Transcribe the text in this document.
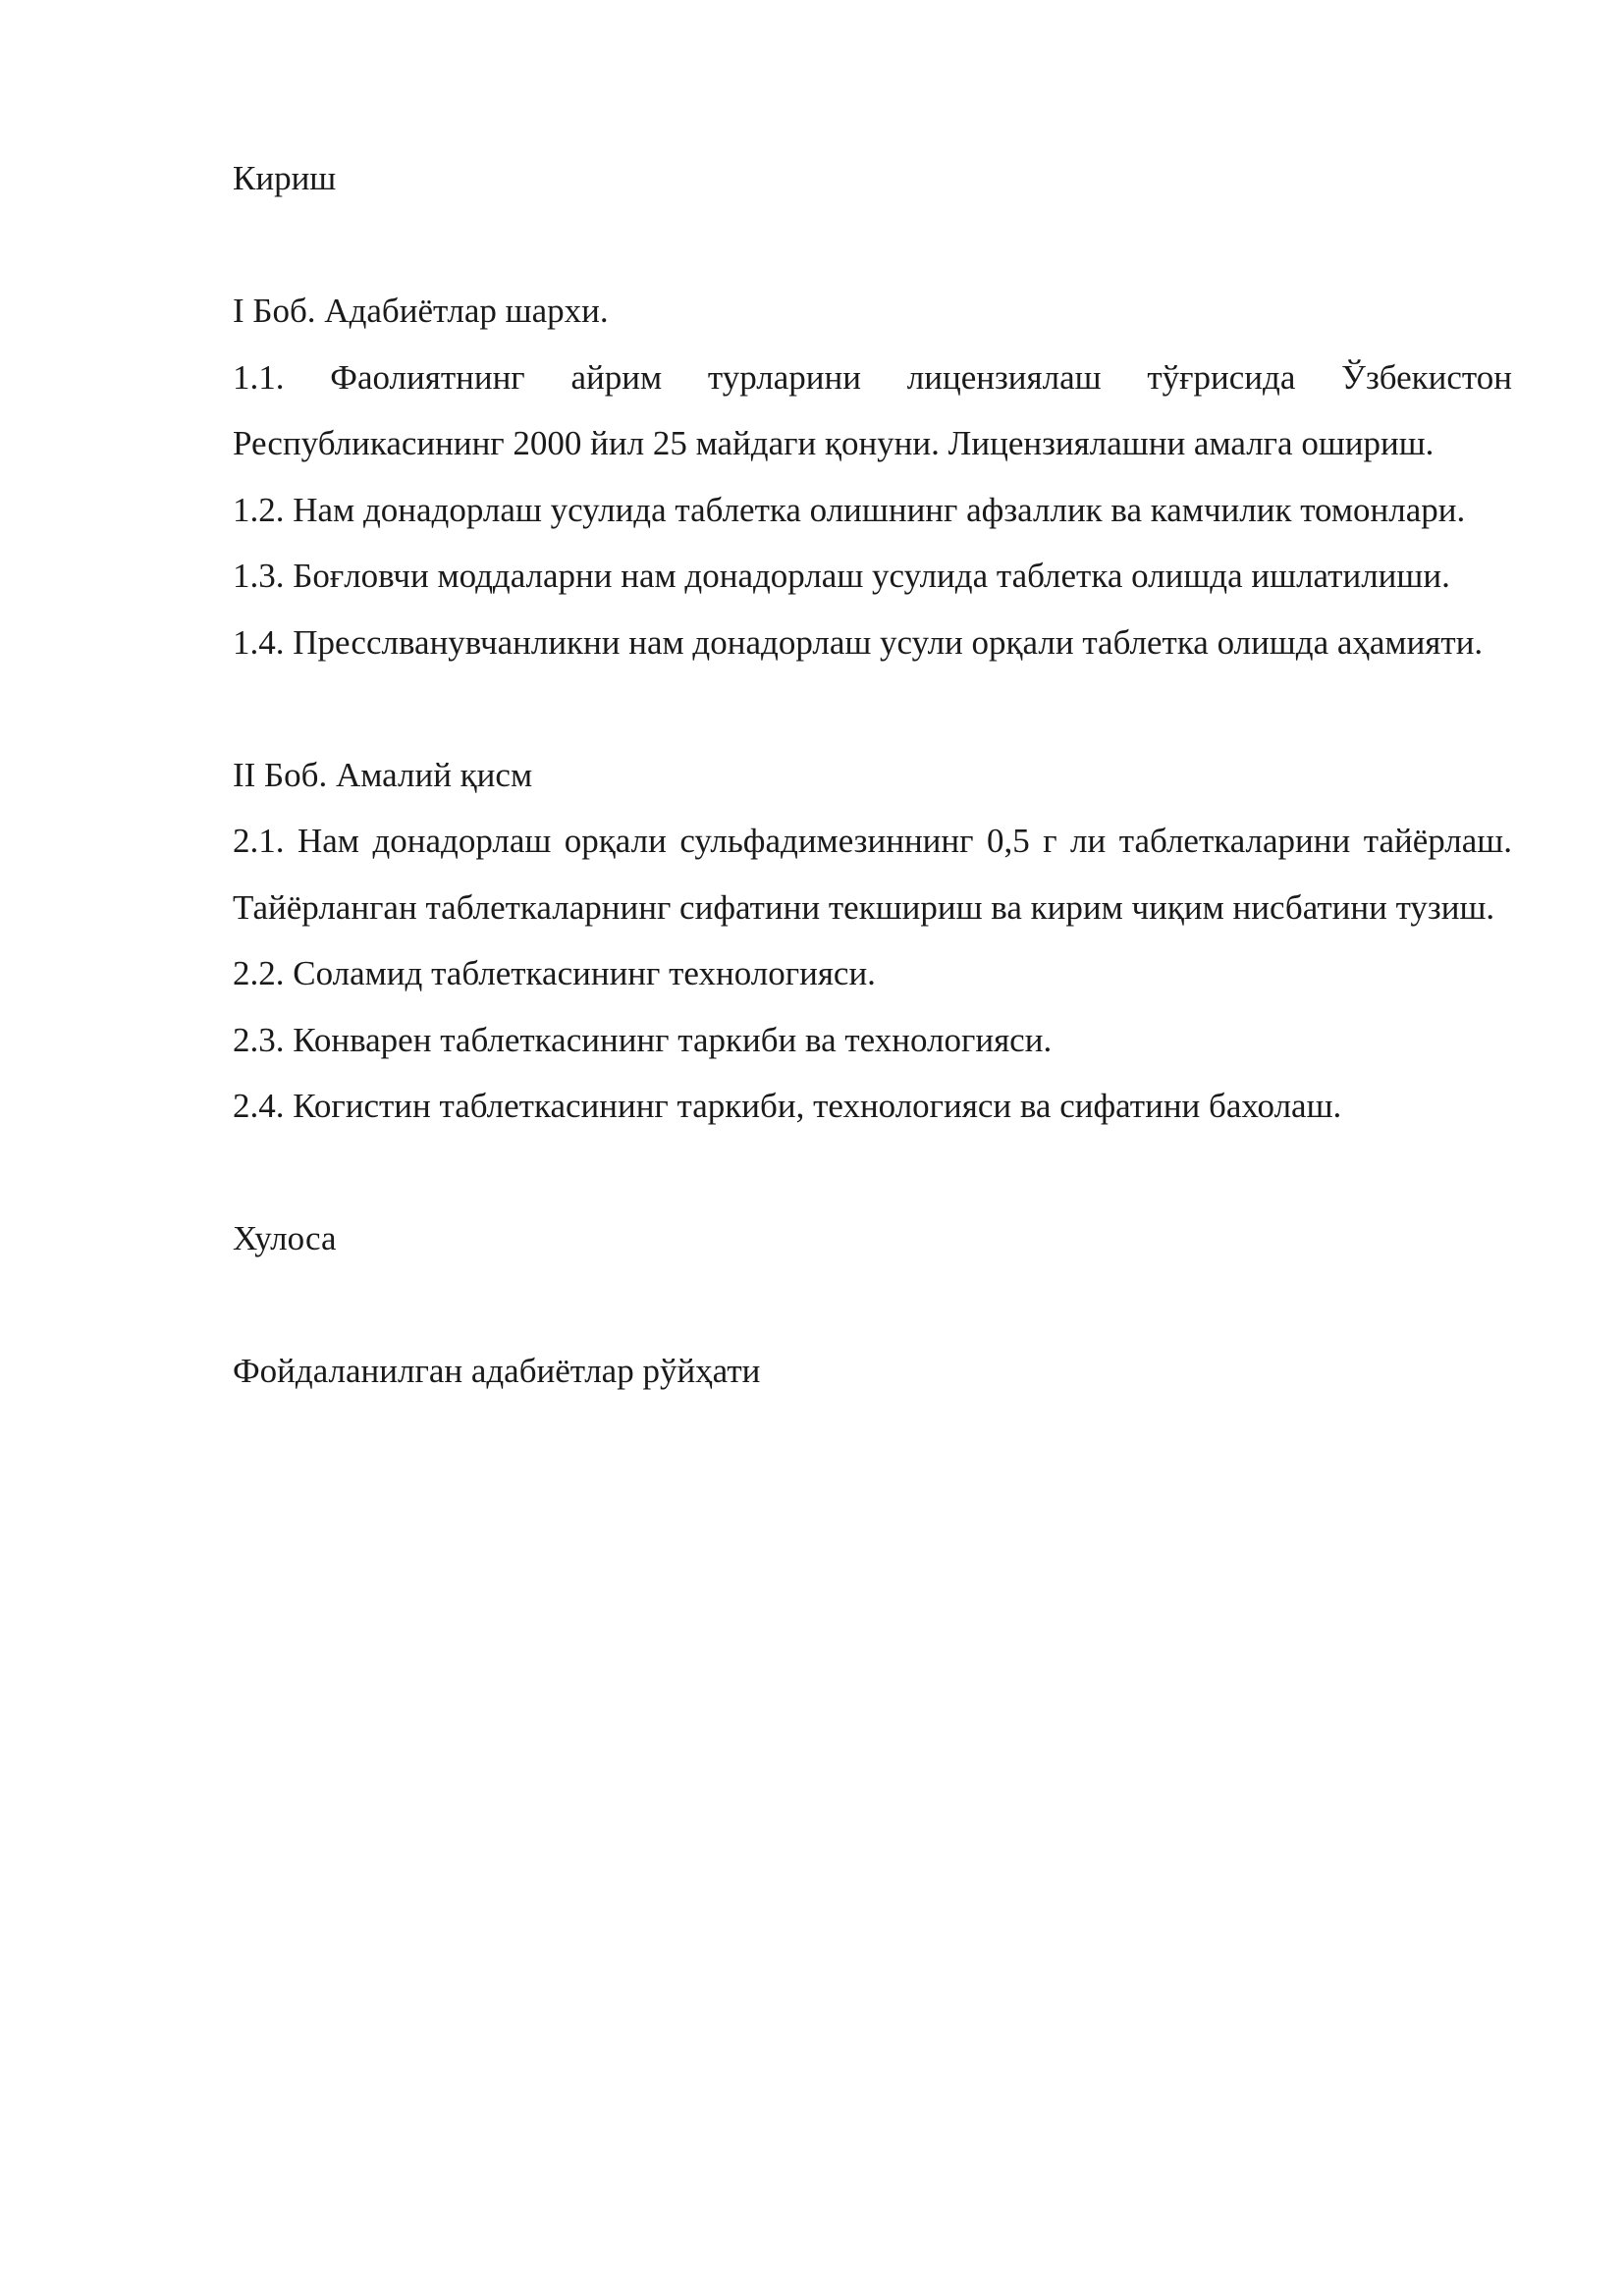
Кириш

I Боб. Адабиётлар шархи.

1.1. Фаолиятнинг айрим турларини лицензиялаш тўғрисида Ўзбекистон Республикасининг 2000 йил 25 майдаги қонуни. Лицензиялашни амалга ошириш.

1.2. Нам донадорлаш усулида таблетка олишнинг афзаллик ва камчилик томонлари.

1.3. Боғловчи моддаларни нам донадорлаш усулида таблетка олишда ишлатилиши.

1.4. Пресслванувчанликни нам донадорлаш усули орқали таблетка олишда аҳамияти.

II Боб. Амалий қисм

2.1. Нам донадорлаш орқали сульфадимезиннинг 0,5 г ли таблеткаларини тайёрлаш. Тайёрланган таблеткаларнинг сифатини текшириш ва кирим чиқим нисбатини тузиш.

2.2. Соламид таблеткасининг технологияси.

2.3. Конварен таблеткасининг таркиби ва технологияси.

2.4. Когистин таблеткасининг таркиби, технологияси ва сифатини бахолаш.

Хулоса

Фойдаланилган адабиётлар рўйҳати
